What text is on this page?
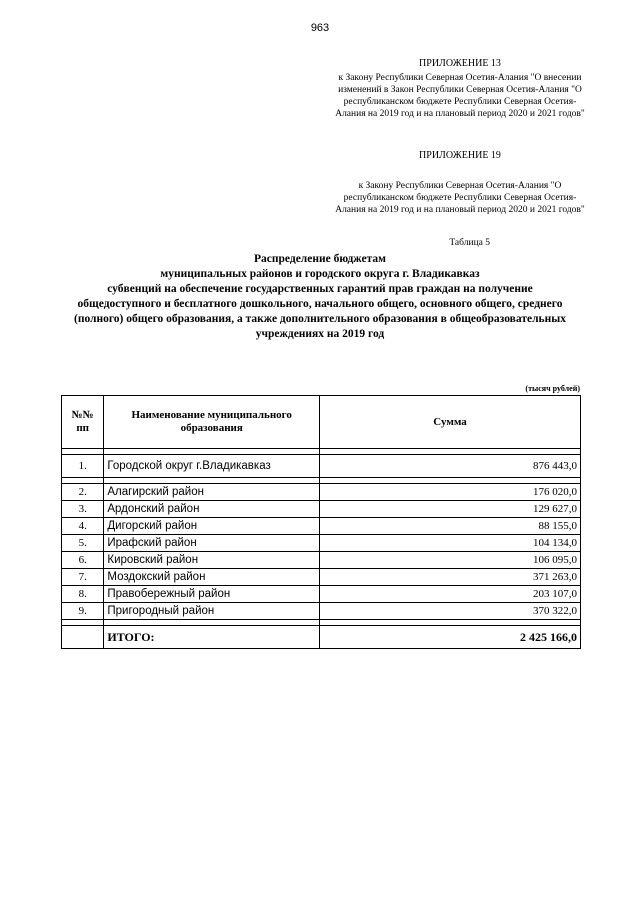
963
ПРИЛОЖЕНИЕ 13
к Закону Республики Северная Осетия-Алания "О внесении изменений в Закон Республики Северная Осетия-Алания "О республиканском бюджете Республики Северная Осетия-Алания на 2019 год и на плановый период 2020 и 2021 годов"
ПРИЛОЖЕНИЕ 19
к Закону Республики Северная Осетия-Алания "О республиканском бюджете Республики Северная Осетия-Алания на 2019 год и на плановый период 2020 и 2021 годов"
Таблица 5
Распределение бюджетам
муниципальных районов и городского округа г. Владикавказ
субвенций на обеспечение государственных гарантий прав граждан на получение
общедоступного и бесплатного дошкольного, начального общего, основного общего, среднего
(полного) общего образования, а также дополнительного образования в общеобразовательных
учреждениях на 2019 год
(тысяч рублей)
№№ пп	Наименование муниципального образования	Сумма

1.	Городской округ г.Владикавказ	876 443,0

2.	Алагирский район	176 020,0
3.	Ардонский район	129 627,0
4.	Дигорский район	88 155,0
5.	Ирафский район	104 134,0
6.	Кировский район	106 095,0
7.	Моздокский район	371 263,0
8.	Правобережный район	203 107,0
9.	Пригородный район	370 322,0

	ИТОГО:	2 425 166,0
